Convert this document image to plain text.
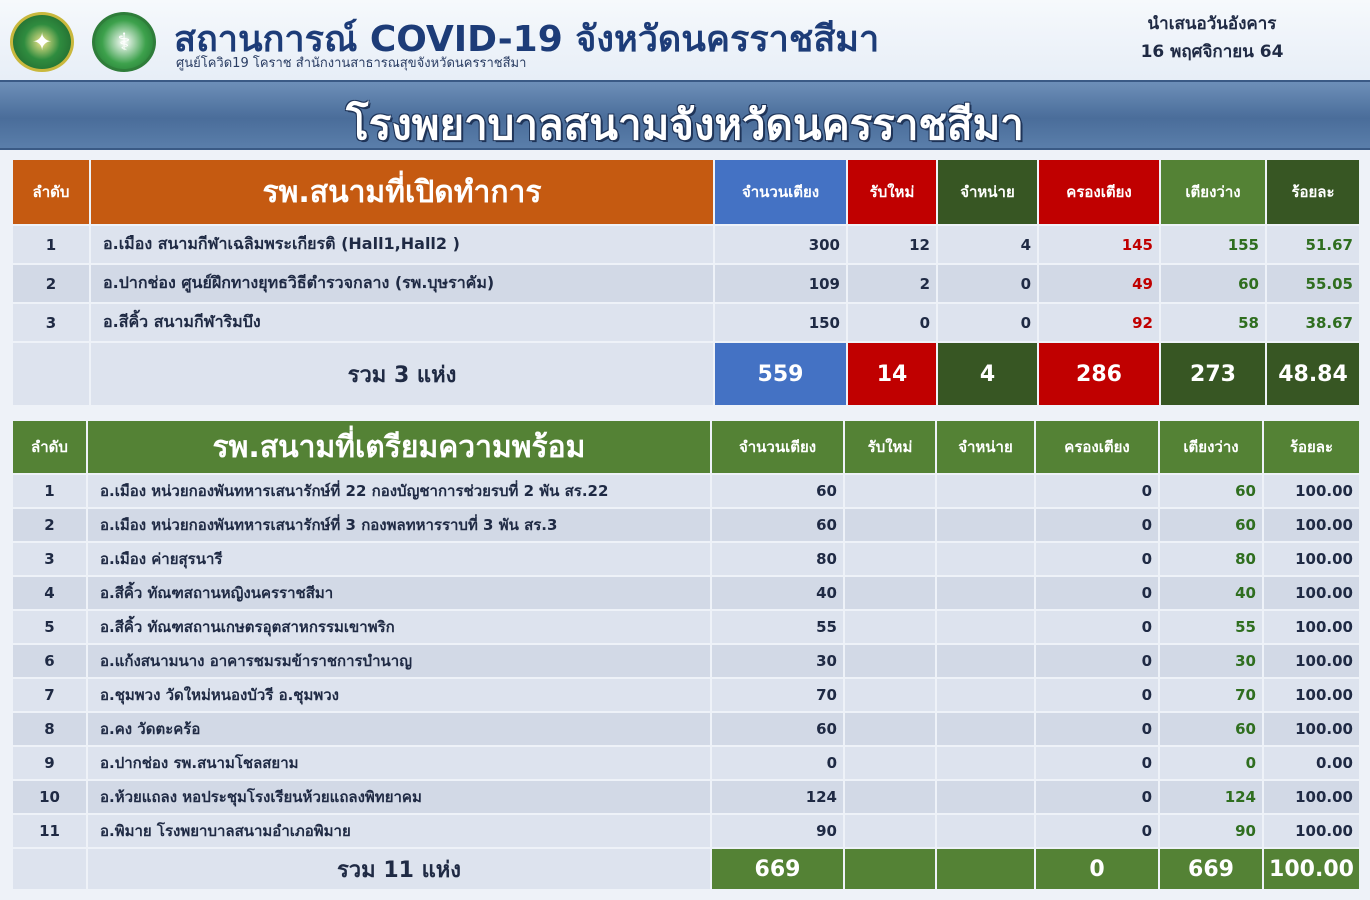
✦	⚕	สถานการณ์ COVID-19 จังหวัดนครราชสีมา
ศูนย์โควิด19 โคราช สำนักงานสาธารณสุขจังหวัดนครราชสีมา
นำเสนอวันอังคาร
16 พฤศจิกายน 64
โรงพยาบาลสนามจังหวัดนครราชสีมา
ลำดับ	รพ.สนามที่เปิดทำการ	จำนวนเตียง	รับใหม่	จำหน่าย	ครองเตียง	เตียงว่าง	ร้อยละ
1	อ.เมือง สนามกีฬาเฉลิมพระเกียรติ (Hall1,Hall2 )	300	12	4	145	155	51.67
2	อ.ปากช่อง ศูนย์ฝึกทางยุทธวิธีตำรวจกลาง (รพ.บุษราคัม)	109	2	0	49	60	55.05
3	อ.สีคิ้ว สนามกีฬาริมบึง	150	0	0	92	58	38.67
	รวม 3 แห่ง	559	14	4	286	273	48.84
ลำดับ	รพ.สนามที่เตรียมความพร้อม	จำนวนเตียง	รับใหม่	จำหน่าย	ครองเตียง	เตียงว่าง	ร้อยละ
1	อ.เมือง หน่วยกองพันทหารเสนารักษ์ที่ 22 กองบัญชาการช่วยรบที่ 2 พัน สร.22	60			0	60	100.00
2	อ.เมือง หน่วยกองพันทหารเสนารักษ์ที่ 3 กองพลทหารราบที่ 3 พัน สร.3	60			0	60	100.00
3	อ.เมือง ค่ายสุรนารี	80			0	80	100.00
4	อ.สีคิ้ว ทัณฑสถานหญิงนครราชสีมา	40			0	40	100.00
5	อ.สีคิ้ว ทัณฑสถานเกษตรอุตสาหกรรมเขาพริก	55			0	55	100.00
6	อ.แก้งสนามนาง อาคารชมรมข้าราชการบำนาญ	30			0	30	100.00
7	อ.ชุมพวง วัดใหม่หนองบัวรี อ.ชุมพวง	70			0	70	100.00
8	อ.คง วัดตะคร้อ	60			0	60	100.00
9	อ.ปากช่อง รพ.สนามโชลสยาม	0			0	0	0.00
10	อ.ห้วยแถลง หอประชุมโรงเรียนห้วยแถลงพิทยาคม	124			0	124	100.00
11	อ.พิมาย โรงพยาบาลสนามอำเภอพิมาย	90			0	90	100.00
	รวม 11 แห่ง	669			0	669	100.00
